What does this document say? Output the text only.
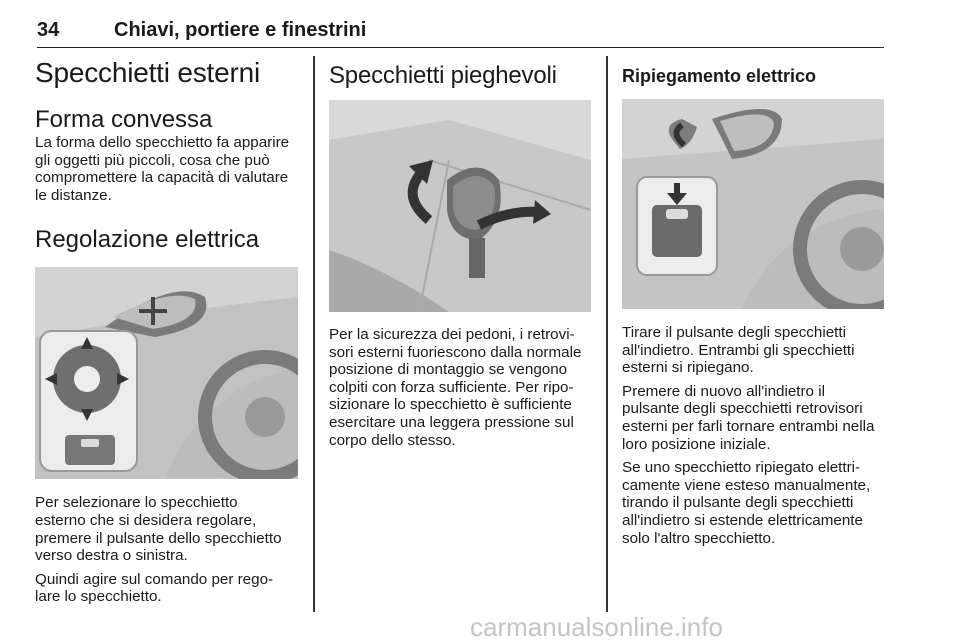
34	Chiavi, portiere e finestrini
Specchietti esterni
Forma convessa

La forma dello specchietto fa apparire
gli oggetti più piccoli, cosa che può
compromettere la capacità di valutare
le distanze.

Regolazione elettrica

Per selezionare lo specchietto
esterno che si desidera regolare,
premere il pulsante dello specchietto
verso destra o sinistra.

Quindi agire sul comando per rego-
lare lo specchietto.

Specchietti pieghevoli

Per la sicurezza dei pedoni, i retrovi-
sori esterni fuoriescono dalla normale
posizione di montaggio se vengono
colpiti con forza sufficiente. Per ripo-
sizionare lo specchietto è sufficiente
esercitare una leggera pressione sul
corpo dello stesso.

Ripiegamento elettrico

Tirare il pulsante degli specchietti
all'indietro. Entrambi gli specchietti
esterni si ripiegano.

Premere di nuovo all'indietro il
pulsante degli specchietti retrovisori
esterni per farli tornare entrambi nella
loro posizione iniziale.

Se uno specchietto ripiegato elettri-
camente viene esteso manualmente,
tirando il pulsante degli specchietti
all'indietro si estende elettricamente
solo l'altro specchietto.

carmanualsonline.info
